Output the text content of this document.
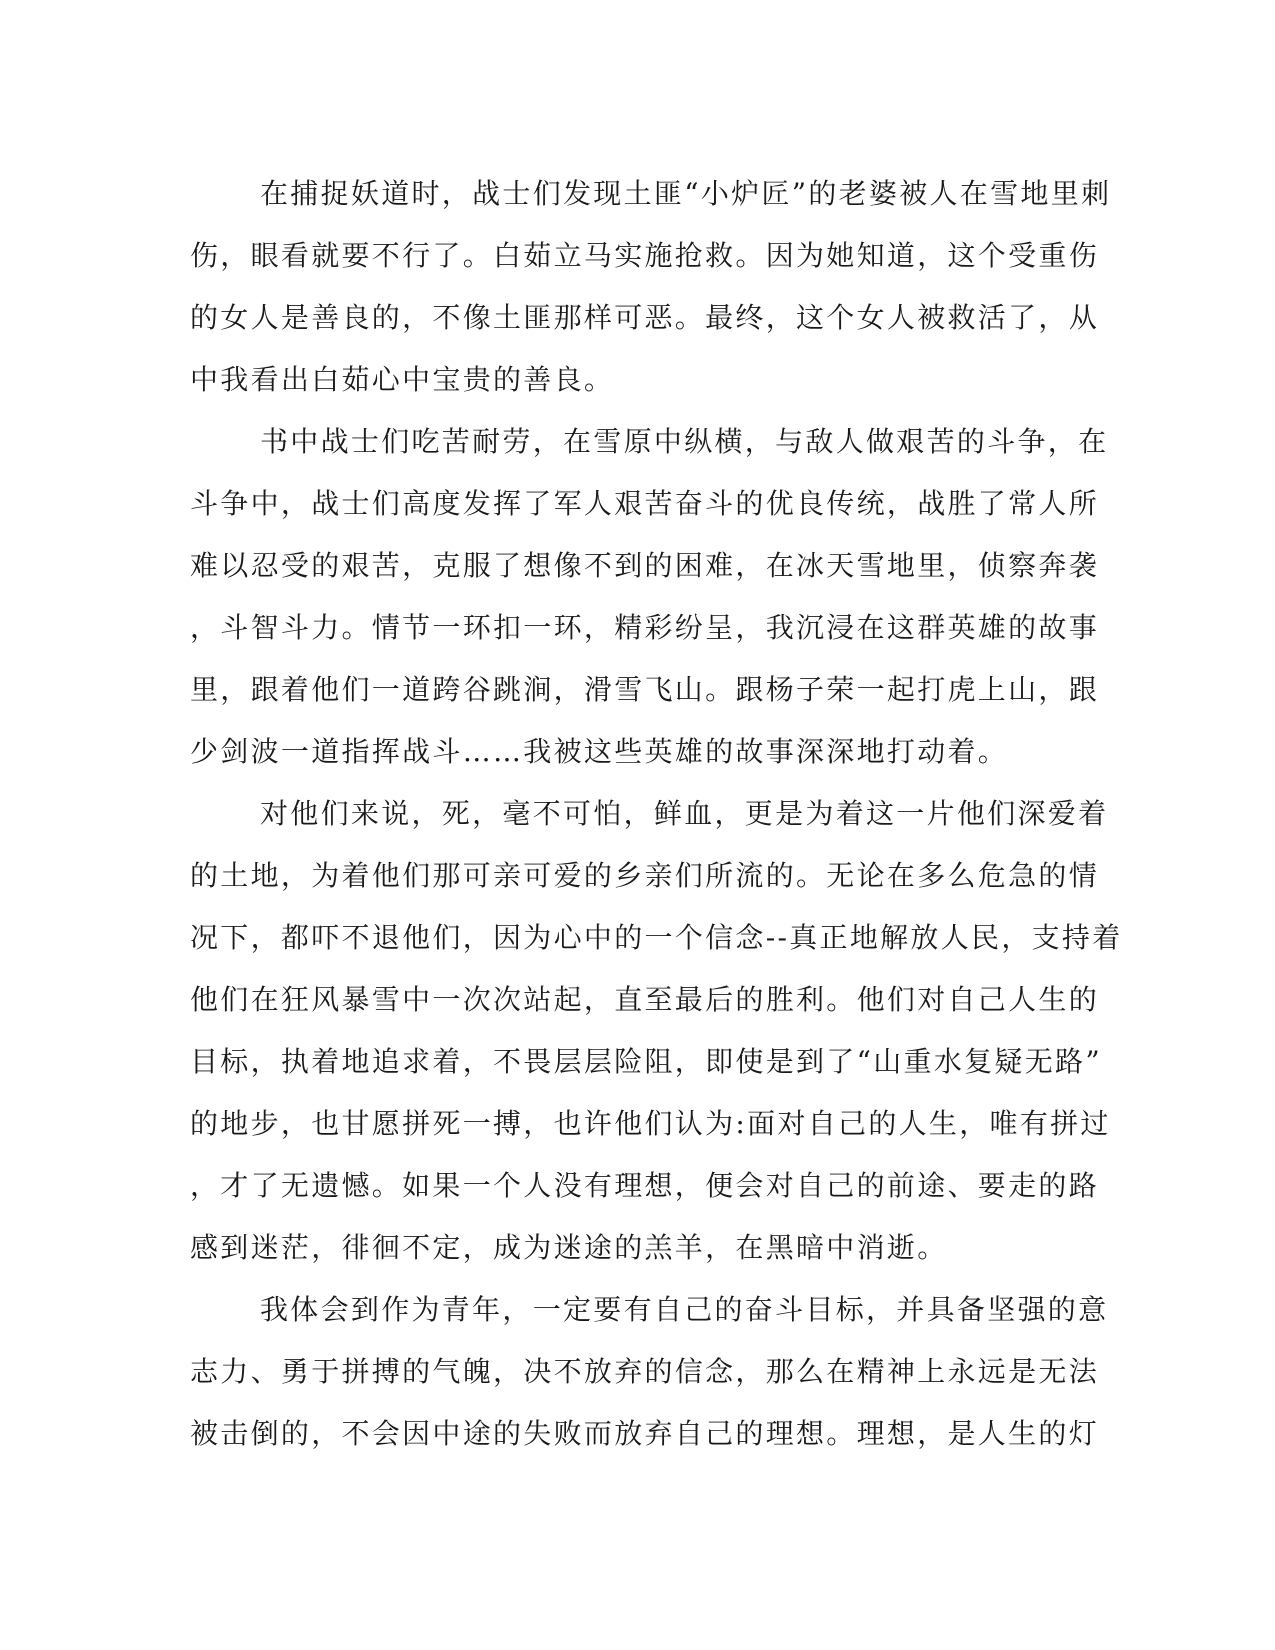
在捕捉妖道时，战士们发现土匪“小炉匠”的老婆被人在雪地里刺
伤，眼看就要不行了。白茹立马实施抢救。因为她知道，这个受重伤
的女人是善良的，不像土匪那样可恶。最终，这个女人被救活了，从
中我看出白茹心中宝贵的善良。
书中战士们吃苦耐劳，在雪原中纵横，与敌人做艰苦的斗争，在
斗争中，战士们高度发挥了军人艰苦奋斗的优良传统，战胜了常人所
难以忍受的艰苦，克服了想像不到的困难，在冰天雪地里，侦察奔袭
，斗智斗力。情节一环扣一环，精彩纷呈，我沉浸在这群英雄的故事
里，跟着他们一道跨谷跳涧，滑雪飞山。跟杨子荣一起打虎上山，跟
少剑波一道指挥战斗……我被这些英雄的故事深深地打动着。
对他们来说，死，毫不可怕，鲜血，更是为着这一片他们深爱着
的土地，为着他们那可亲可爱的乡亲们所流的。无论在多么危急的情
况下，都吓不退他们，因为心中的一个信念--真正地解放人民，支持着
他们在狂风暴雪中一次次站起，直至最后的胜利。他们对自己人生的
目标，执着地追求着，不畏层层险阻，即使是到了“山重水复疑无路”
的地步，也甘愿拼死一搏，也许他们认为:面对自己的人生，唯有拼过
，才了无遗憾。如果一个人没有理想，便会对自己的前途、要走的路
感到迷茫，徘徊不定，成为迷途的羔羊，在黑暗中消逝。
我体会到作为青年，一定要有自己的奋斗目标，并具备坚强的意
志力、勇于拼搏的气魄，决不放弃的信念，那么在精神上永远是无法
被击倒的，不会因中途的失败而放弃自己的理想。理想，是人生的灯
